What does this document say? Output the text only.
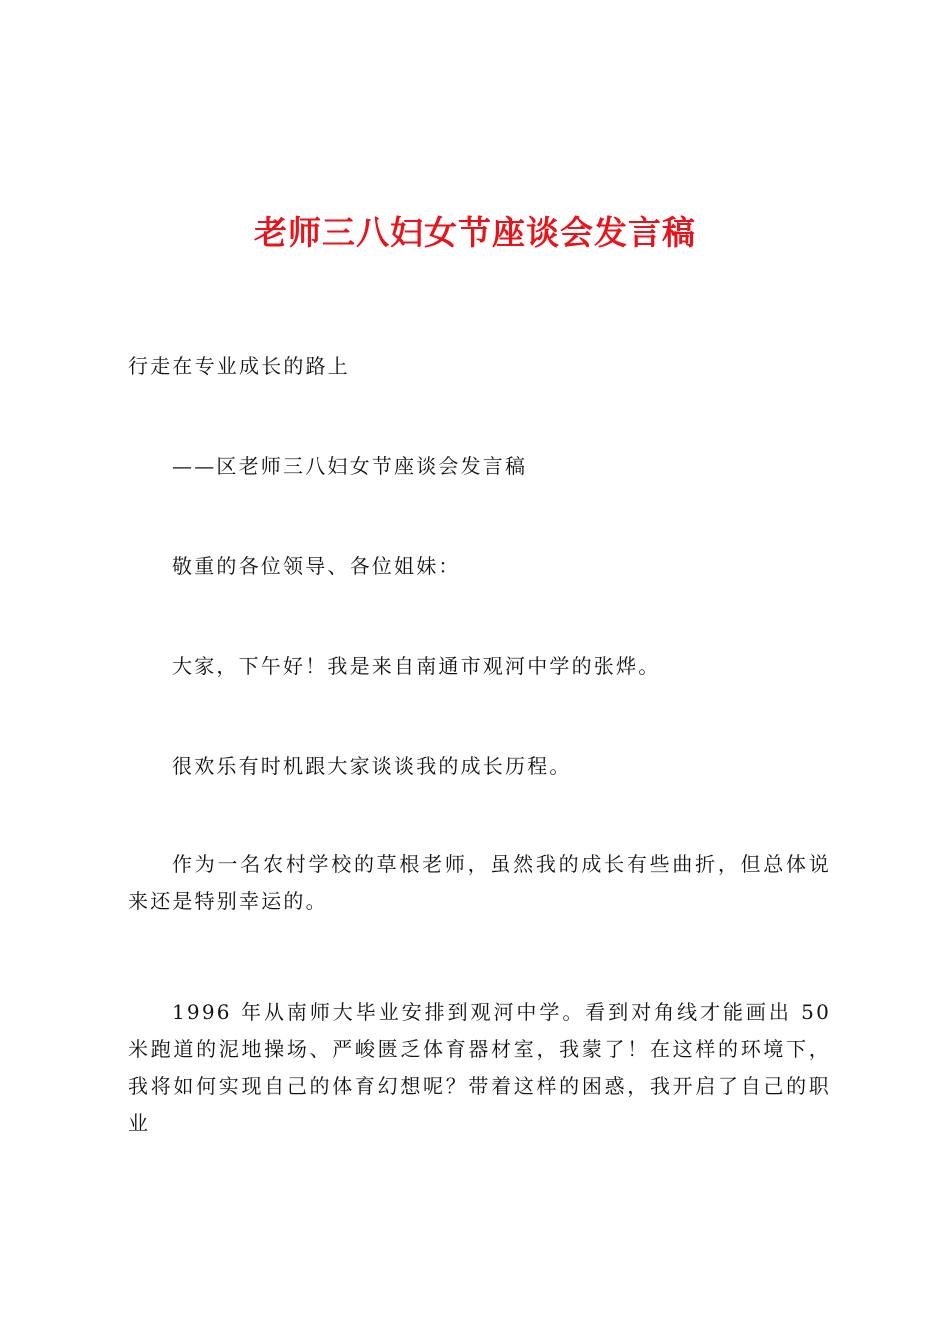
老师三八妇女节座谈会发言稿

行走在专业成长的路上

——区老师三八妇女节座谈会发言稿

敬重的各位领导、各位姐妹：

大家，下午好！我是来自南通市观河中学的张烨。

很欢乐有时机跟大家谈谈我的成长历程。

作为一名农村学校的草根老师，虽然我的成长有些曲折，但总体说来还是特别幸运的。

1996 年从南师大毕业安排到观河中学。看到对角线才能画出 50 米跑道的泥地操场、严峻匮乏体育器材室，我蒙了！在这样的环境下，我将如何实现自己的体育幻想呢？带着这样的困惑，我开启了自己的职业
